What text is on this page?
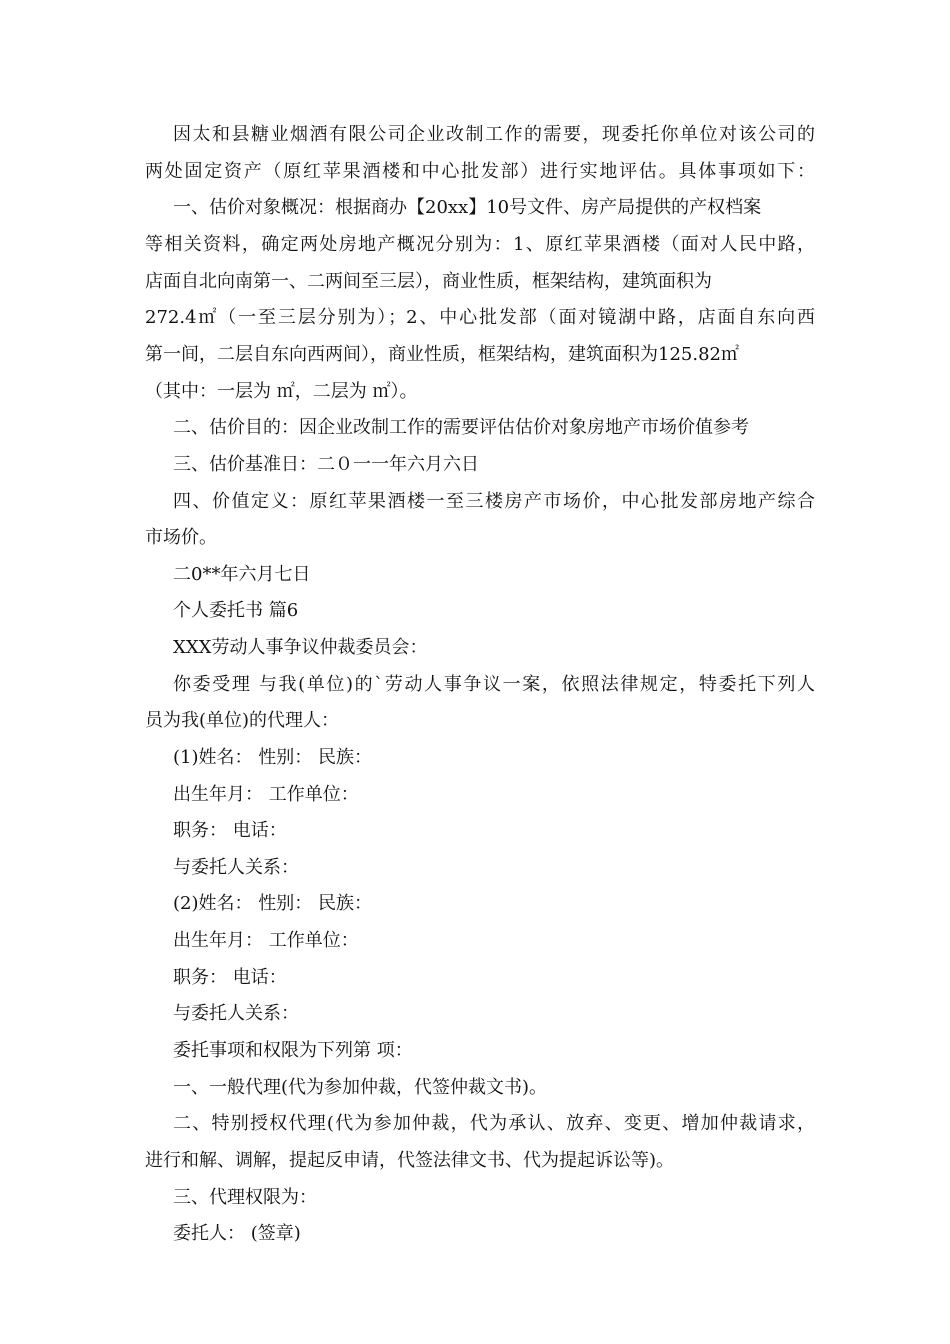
因太和县糖业烟酒有限公司企业改制工作的需要，现委托你单位对该公司的
两处固定资产（原红苹果酒楼和中心批发部）进行实地评估。具体事项如下：
一、估价对象概况：根据商办【20xx】10号文件、房产局提供的产权档案
等相关资料，确定两处房地产概况分别为：1、原红苹果酒楼（面对人民中路，
店面自北向南第一、二两间至三层），商业性质，框架结构，建筑面积为
272.4㎡（一至三层分别为）；2、中心批发部（面对镜湖中路，店面自东向西
第一间，二层自东向西两间），商业性质，框架结构，建筑面积为125.82㎡
（其中：一层为 ㎡，二层为 ㎡）。
二、估价目的：因企业改制工作的需要评估估价对象房地产市场价值参考
三、估价基准日：二０一一年六月六日
四、价值定义：原红苹果酒楼一至三楼房产市场价，中心批发部房地产综合
市场价。
二0**年六月七日
个人委托书 篇6
XXX劳动人事争议仲裁委员会：
你委受理 与我(单位)的`劳动人事争议一案，依照法律规定，特委托下列人
员为我(单位)的代理人：
(1)姓名： 性别： 民族：
出生年月： 工作单位：
职务： 电话：
与委托人关系：
(2)姓名： 性别： 民族：
出生年月： 工作单位：
职务： 电话：
与委托人关系：
委托事项和权限为下列第 项：
一、一般代理(代为参加仲裁，代签仲裁文书)。
二、特别授权代理(代为参加仲裁，代为承认、放弃、变更、增加仲裁请求，
进行和解、调解，提起反申请，代签法律文书、代为提起诉讼等)。
三、代理权限为：
委托人： (签章)
